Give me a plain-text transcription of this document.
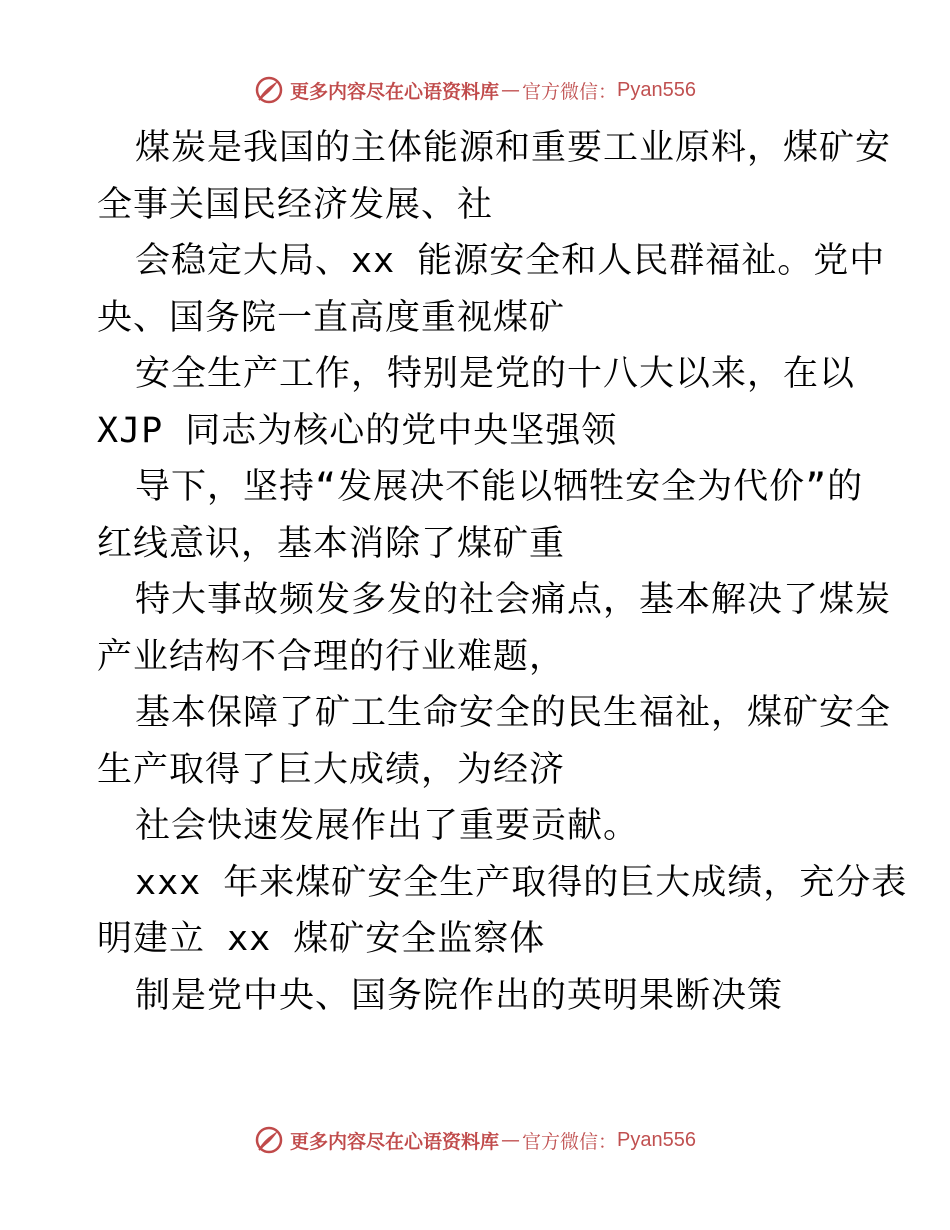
更多内容尽在心语资料库 — 官方微信： Pyan556
煤炭是我国的主体能源和重要工业原料，煤矿安
全事关国民经济发展、社
会稳定大局、xx 能源安全和人民群福祉。党中
央、国务院一直高度重视煤矿
安全生产工作，特别是党的十八大以来，在以
XJP 同志为核心的党中央坚强领
导下，坚持“发展决不能以牺牲安全为代价”的
红线意识，基本消除了煤矿重
特大事故频发多发的社会痛点，基本解决了煤炭
产业结构不合理的行业难题，
基本保障了矿工生命安全的民生福祉，煤矿安全
生产取得了巨大成绩，为经济
社会快速发展作出了重要贡献。
xxx 年来煤矿安全生产取得的巨大成绩，充分表
明建立 xx 煤矿安全监察体
制是党中央、国务院作出的英明果断决策
更多内容尽在心语资料库 — 官方微信： Pyan556
